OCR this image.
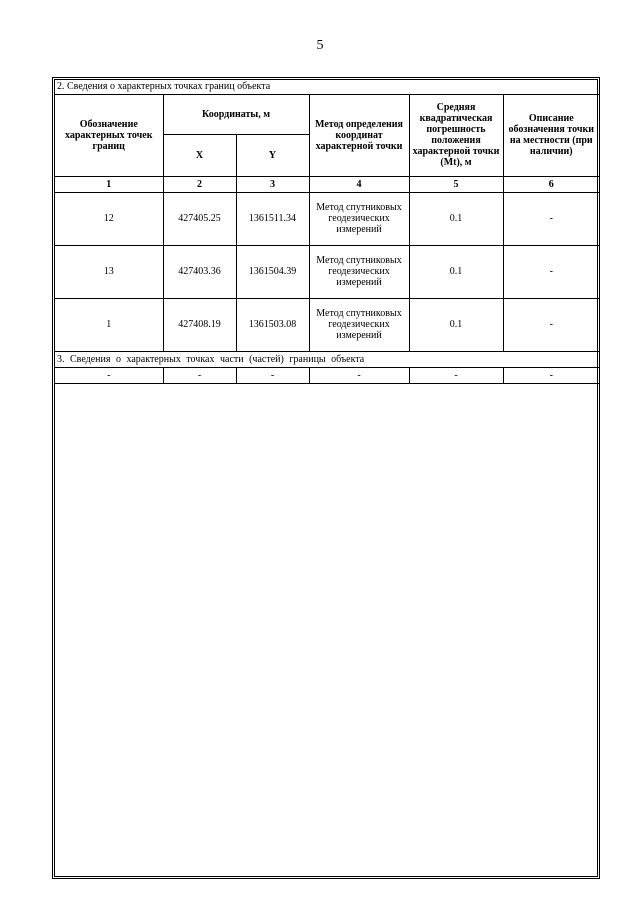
5
2. Сведения о характерных точках границ объекта					
Обозначение характерных точек границ	Координаты, м		Метод определения координат характерной точки	Средняя квадратическая погрешность положения характерной точки (Mt), м	Описание обозначения точки на местности (при наличии)
	X	Y			
1	2	3	4	5	6
12	427405.25	1361511.34	Метод спутниковых геодезических измерений	0.1	-
13	427403.36	1361504.39	Метод спутниковых геодезических измерений	0.1	-
1	427408.19	1361503.08	Метод спутниковых геодезических измерений	0.1	-
3. Сведения о характерных точках части (частей) границы объекта					
-	-	-	-	-	-
